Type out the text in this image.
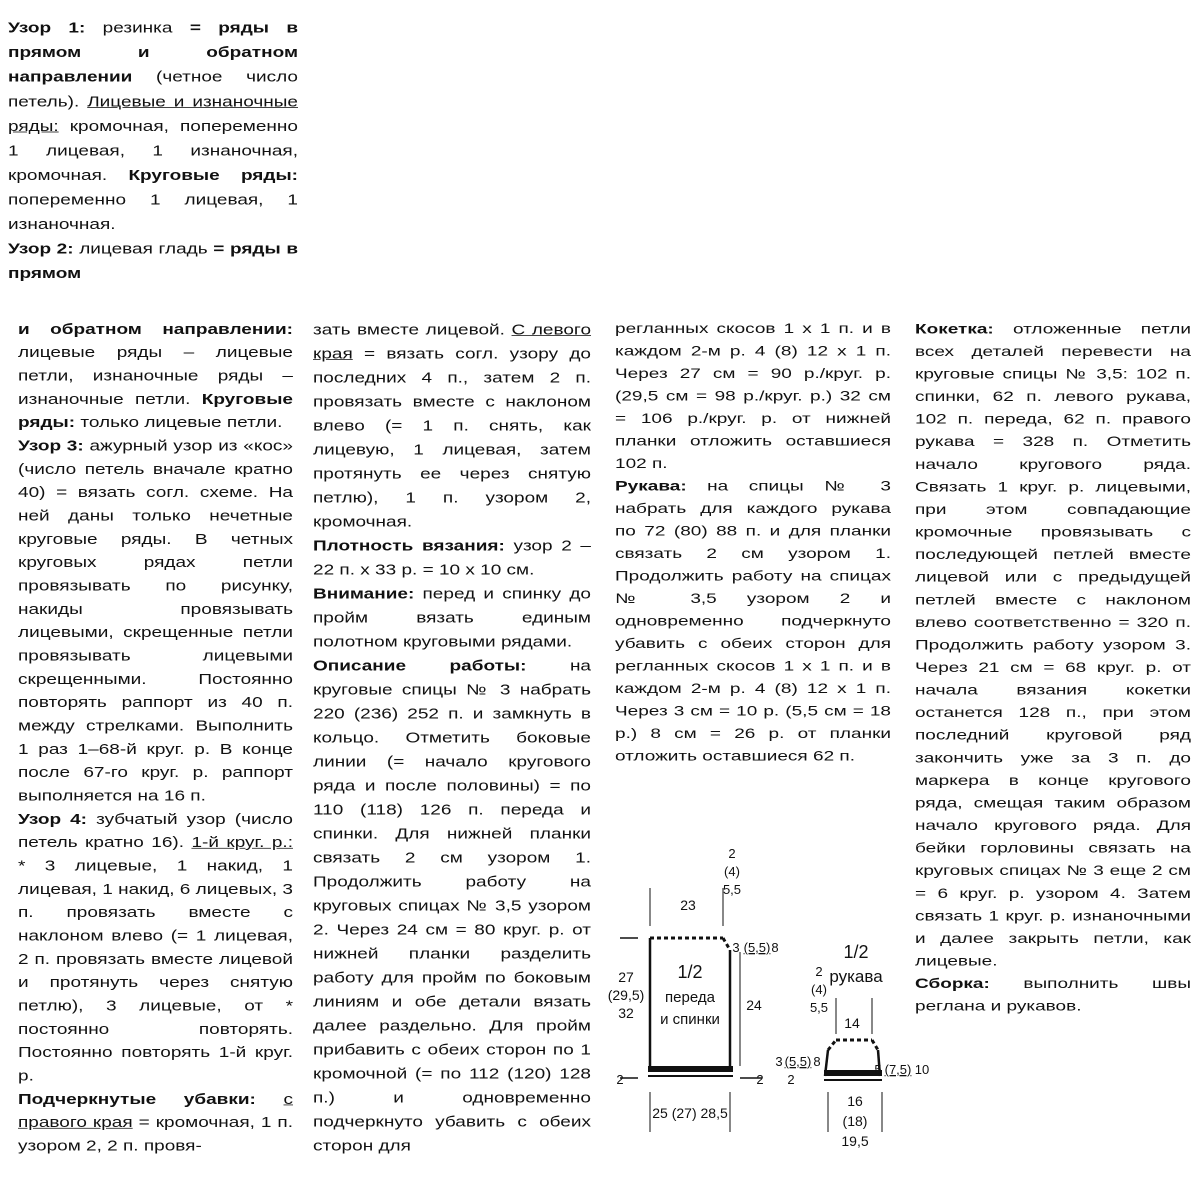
Узор 1: резинка = ряды в прямом и обратном направлении (четное число петель). Лицевые и изнаночные ряды: кромочная, попеременно 1 лицевая, 1 изнаночная, кромочная. Круговые ряды: попеременно 1 лицевая, 1 изнаночная.

Узор 2: лицевая гладь = ряды в прямом

и обратном направлении: лицевые ряды – лицевые петли, изнаночные ряды – изнаночные петли. Круговые ряды: только лицевые петли.

Узор 3: ажурный узор из «кос» (число петель вначале кратно 40) = вязать согл. схеме. На ней даны только нечетные круговые ряды. В четных круговых рядах петли провязывать по рисунку, накиды провязывать лицевыми, скрещенные петли провязывать лицевыми скрещенными. Постоянно повторять раппорт из 40 п. между стрелками. Выполнить 1 раз 1–68-й круг. р. В конце после 67-го круг. р. раппорт выполняется на 16 п.

Узор 4: зубчатый узор (число петель кратно 16). 1-й круг. р.: * 3 лицевые, 1 накид, 1 лицевая, 1 накид, 6 лицевых, 3 п. провязать вместе с наклоном влево (= 1 лицевая, 2 п. провязать вместе лицевой и протянуть через снятую петлю), 3 лицевые, от * постоянно повторять. Постоянно повторять 1-й круг. р.

Подчеркнутые убавки: с правого края = кромочная, 1 п. узором 2, 2 п. провя-

зать вместе лицевой. С левого края = вязать согл. узору до последних 4 п., затем 2 п. провязать вместе с наклоном влево (= 1 п. снять, как лицевую, 1 лицевая, затем протянуть ее через снятую петлю), 1 п. узором 2, кромочная.

Плотность вязания: узор 2 – 22 п. х 33 р. = 10 х 10 см.

Внимание: перед и спинку до пройм вязать единым полотном круговыми рядами.

Описание работы: на круговые спицы № 3 набрать 220 (236) 252 п. и замкнуть в кольцо. Отметить боковые линии (= начало кругового ряда и после половины) = по 110 (118) 126 п. переда и спинки. Для нижней планки связать 2 см узором 1. Продолжить работу на круговых спицах № 3,5 узором 2. Через 24 см = 80 круг. р. от нижней планки разделить работу для пройм по боковым линиям и обе детали вязать далее раздельно. Для пройм прибавить с обеих сторон по 1 кромочной (= по 112 (120) 128 п.) и одновременно подчеркнуто убавить с обеих сторон для

регланных скосов 1 х 1 п. и в каждом 2-м р. 4 (8) 12 х 1 п. Через 27 см = 90 р./круг. р. (29,5 см = 98 р./круг. р.) 32 см = 106 р./круг. р. от нижней планки отложить оставшиеся 102 п.

Рукава: на спицы № 3 набрать для каждого рукава по 72 (80) 88 п. и для планки связать 2 см узором 1. Продолжить работу на спицах № 3,5 узором 2 и одновременно подчеркнуто убавить с обеих сторон для регланных скосов 1 х 1 п. и в каждом 2-м р. 4 (8) 12 х 1 п. Через 3 см = 10 р. (5,5 см = 18 р.) 8 см = 26 р. от планки отложить оставшиеся 62 п.

Кокетка: отложенные петли всех деталей перевести на круговые спицы № 3,5: 102 п. спинки, 62 п. левого рукава, 102 п. переда, 62 п. правого рукава = 328 п. Отметить начало кругового ряда. Связать 1 круг. р. лицевыми, при этом совпадающие кромочные провязывать с последующей петлей вместе лицевой или с предыдущей петлей вместе с наклоном влево соответственно = 320 п. Продолжить работу узором 3. Через 21 см = 68 круг. р. от начала вязания кокетки останется 128 п., при этом последний круговой ряд закончить уже за 3 п. до маркера в конце кругового ряда, смещая таким образом начало кругового ряда. Для бейки горловины связать на круговых спицах № 3 еще 2 см = 6 круг. р. узором 4. Затем связать 1 круг. р. изнаночными и далее закрыть петли, как лицевые.

Сборка: выполнить швы реглана и рукавов.

1/2
переда
и спинки
23
2
(4)
5,5
3 (5,5) 8
27
(29,5)
32	24
2	2
25 (27) 28,5
1/2
рукава
2
(4)
5,5
14
3 (5,5) 8
2
5 (7,5) 10
16
(18)
19,5
